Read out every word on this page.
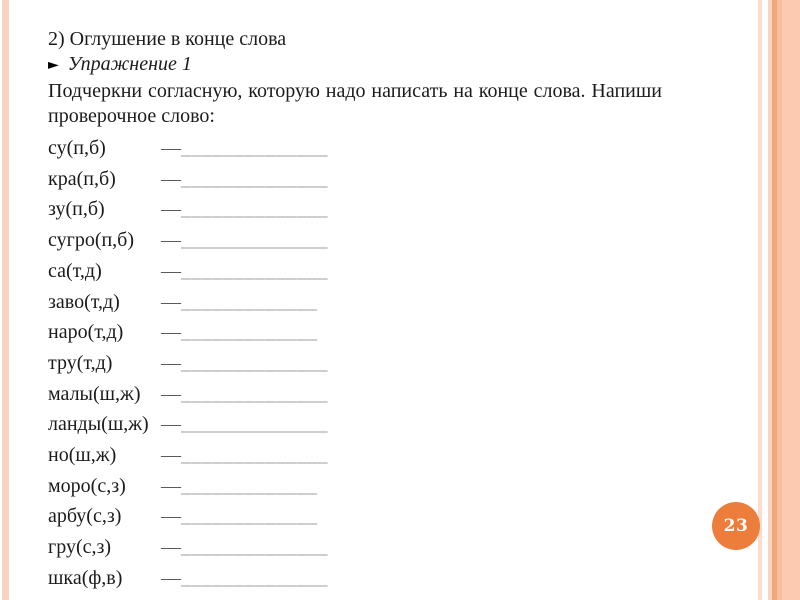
23
2) Оглушение в конце слова
► Упражнение 1
Подчеркни согласную, которую надо написать на конце слова. Напиши
проверочное слово:
су(п,б)	—______________
кра(п,б) —______________
зу(п,б)	—______________
сугро(п,б) —______________
са(т,д)	—______________
заво(т,д) —_____________
наро(т,д) —_____________
тру(т,д) —______________
малы(ш,ж) —______________
ланды(ш,ж) —______________
но(ш,ж) —______________
моро(с,з) —_____________
арбу(с,з) —_____________
гру(с,з) —______________
шка(ф,в) —______________
